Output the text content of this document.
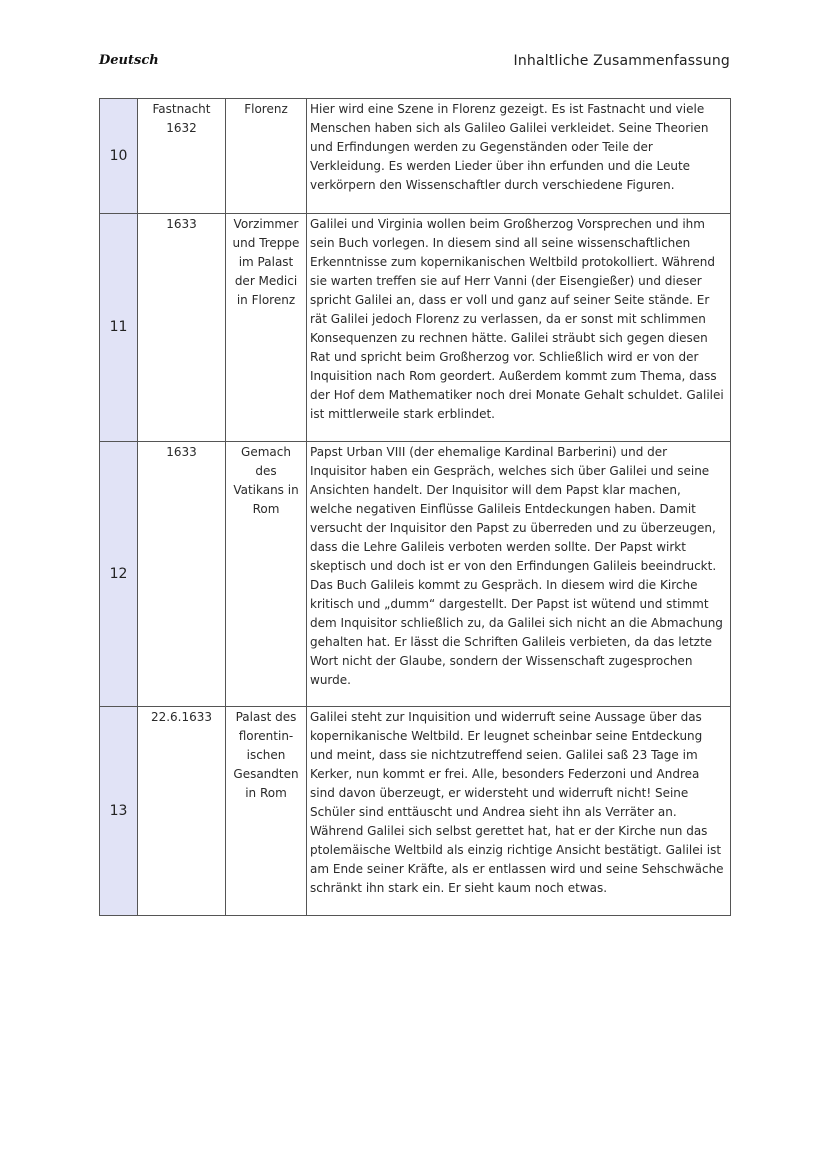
Deutsch	Inhaltliche Zusammenfassung
10	Fastnacht 1632	Florenz	Hier wird eine Szene in Florenz gezeigt. Es ist Fastnacht und viele Menschen haben sich als Galileo Galilei verkleidet. Seine Theorien und Erfindungen werden zu Gegenständen oder Teile der Verkleidung. Es werden Lieder über ihn erfunden und die Leute verkörpern den Wissenschaftler durch verschiedene Figuren.
11	1633	Vorzimmer und Treppe im Palast der Medici in Florenz	Galilei und Virginia wollen beim Großherzog Vorsprechen und ihm sein Buch vorlegen. In diesem sind all seine wissenschaftlichen Erkenntnisse zum kopernikanischen Weltbild protokolliert. Während sie warten treffen sie auf Herr Vanni (der Eisengießer) und dieser spricht Galilei an, dass er voll und ganz auf seiner Seite stände. Er rät Galilei jedoch Florenz zu verlassen, da er sonst mit schlimmen Konsequenzen zu rechnen hätte. Galilei sträubt sich gegen diesen Rat und spricht beim Großherzog vor. Schließlich wird er von der Inquisition nach Rom geordert. Außerdem kommt zum Thema, dass der Hof dem Mathematiker noch drei Monate Gehalt schuldet. Galilei ist mittlerweile stark erblindet.
12	1633	Gemach des Vatikans in Rom	Papst Urban VIII (der ehemalige Kardinal Barberini) und der Inquisitor haben ein Gespräch, welches sich über Galilei und seine Ansichten handelt. Der Inquisitor will dem Papst klar machen, welche negativen Einflüsse Galileis Entdeckungen haben. Damit versucht der Inquisitor den Papst zu überreden und zu überzeugen, dass die Lehre Galileis verboten werden sollte. Der Papst wirkt skeptisch und doch ist er von den Erfindungen Galileis beeindruckt. Das Buch Galileis kommt zu Gespräch. In diesem wird die Kirche kritisch und „dumm“ dargestellt. Der Papst ist wütend und stimmt dem Inquisitor schließlich zu, da Galilei sich nicht an die Abmachung gehalten hat. Er lässt die Schriften Galileis verbieten, da das letzte Wort nicht der Glaube, sondern der Wissenschaft zugesprochen wurde.
13	22.6.1633	Palast des florentin-ischen Gesandten in Rom	Galilei steht zur Inquisition und widerruft seine Aussage über das kopernikanische Weltbild. Er leugnet scheinbar seine Entdeckung und meint, dass sie nichtzutreffend seien. Galilei saß 23 Tage im Kerker, nun kommt er frei. Alle, besonders Federzoni und Andrea sind davon überzeugt, er widersteht und widerruft nicht! Seine Schüler sind enttäuscht und Andrea sieht ihn als Verräter an. Während Galilei sich selbst gerettet hat, hat er der Kirche nun das ptolemäische Weltbild als einzig richtige Ansicht bestätigt. Galilei ist am Ende seiner Kräfte, als er entlassen wird und seine Sehschwäche schränkt ihn stark ein. Er sieht kaum noch etwas.
